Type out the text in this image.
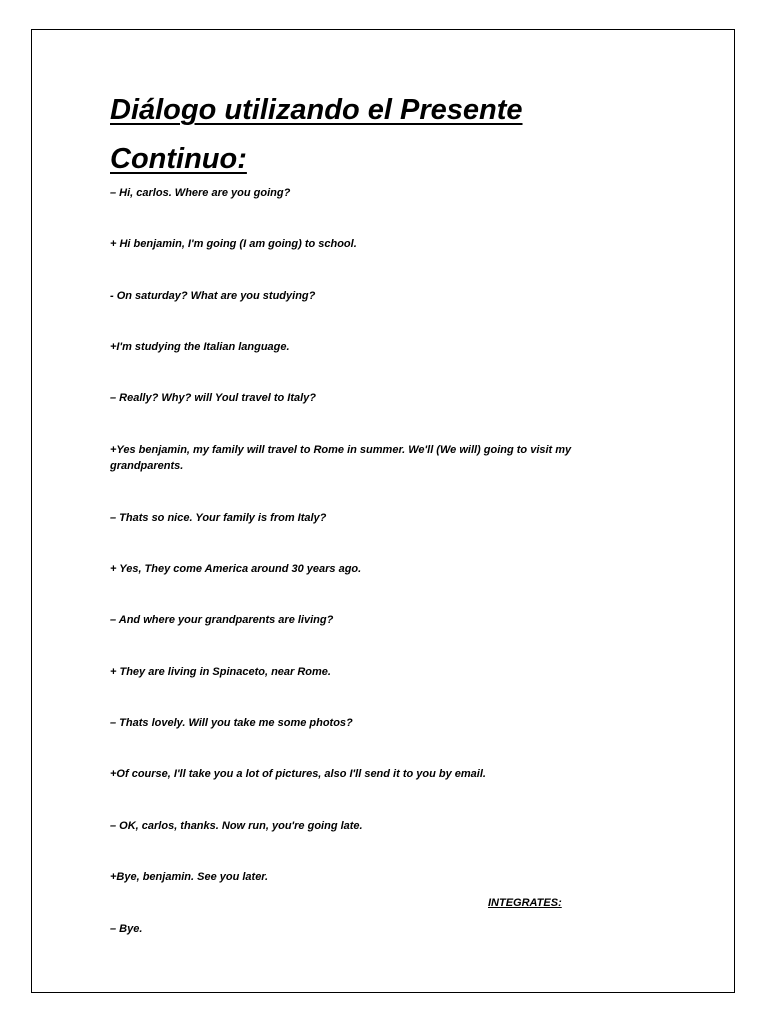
Diálogo utilizando el Presente Continuo:

– Hi, carlos. Where are you going?

+ Hi benjamin, I'm going (I am going) to school.

- On saturday? What are you studying?

+I'm studying the Italian language.

– Really? Why? will Youl travel to Italy?

+Yes benjamin, my family will travel to Rome in summer. We'll (We will) going to visit my grandparents.

– Thats so nice. Your family is from Italy?

+ Yes, They come America around 30 years ago.

– And where your grandparents are living?

+ They are living in Spinaceto, near Rome.

– Thats lovely. Will you take me some photos?

+Of course, I'll take you a lot of pictures, also I'll send it to you by email.

– OK, carlos, thanks. Now run, you're going late.

+Bye, benjamin. See you later.

– Bye.

INTEGRATES:
